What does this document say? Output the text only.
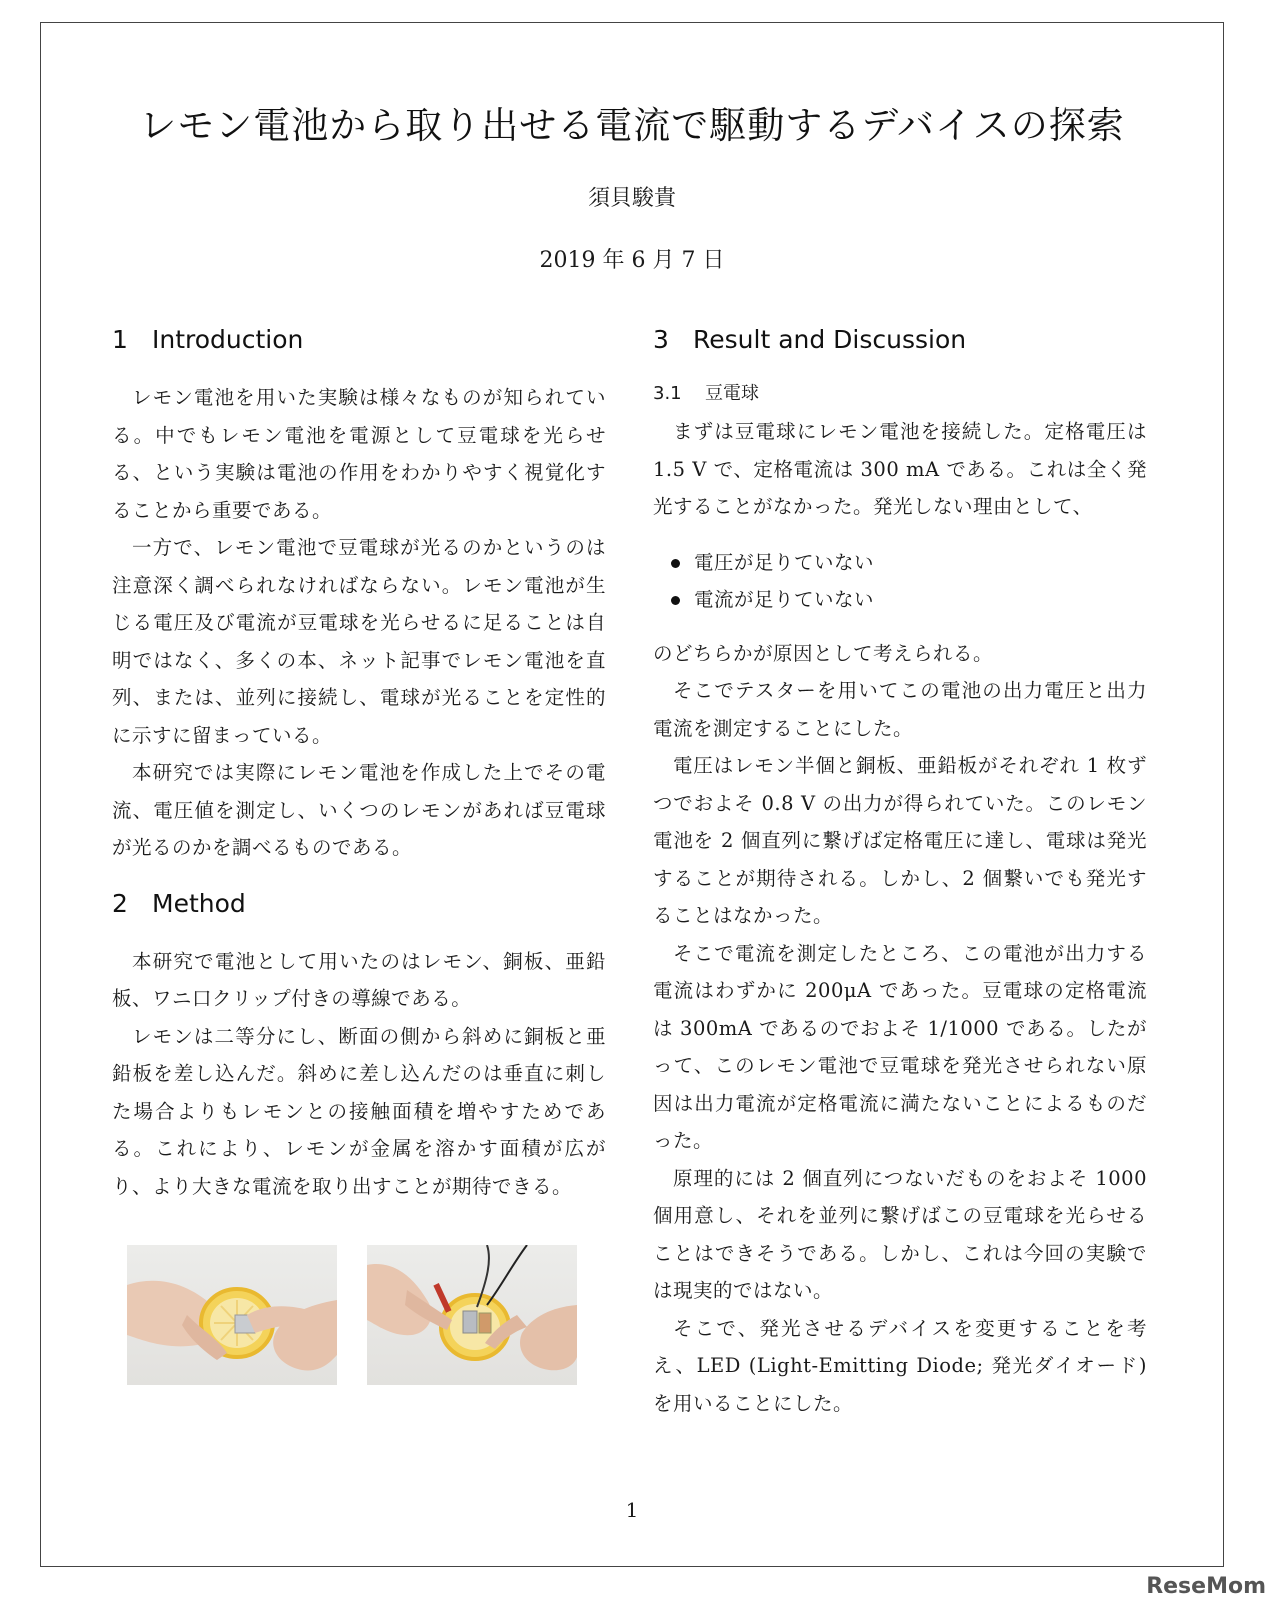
レモン電池から取り出せる電流で駆動するデバイスの探索
須貝駿貴
2019 年 6 月 7 日
1 Introduction

レモン電池を用いた実験は様々なものが知られている。中でもレモン電池を電源として豆電球を光らせる、という実験は電池の作用をわかりやすく視覚化することから重要である。

一方で、レモン電池で豆電球が光るのかというのは注意深く調べられなければならない。レモン電池が生じる電圧及び電流が豆電球を光らせるに足ることは自明ではなく、多くの本、ネット記事でレモン電池を直列、または、並列に接続し、電球が光ることを定性的に示すに留まっている。

本研究では実際にレモン電池を作成した上でその電流、電圧値を測定し、いくつのレモンがあれば豆電球が光るのかを調べるものである。

2 Method

本研究で電池として用いたのはレモン、銅板、亜鉛板、ワニ口クリップ付きの導線である。

レモンは二等分にし、断面の側から斜めに銅板と亜鉛板を差し込んだ。斜めに差し込んだのは垂直に刺した場合よりもレモンとの接触面積を増やすためである。これにより、レモンが金属を溶かす面積が広がり、より大きな電流を取り出すことが期待できる。

3 Result and Discussion
3.1 豆電球

まずは豆電球にレモン電池を接続した。定格電圧は 1.5 V で、定格電流は 300 mA である。これは全く発光することがなかった。発光しない理由として、

電圧が足りていない
電流が足りていない

のどちらかが原因として考えられる。

そこでテスターを用いてこの電池の出力電圧と出力電流を測定することにした。

電圧はレモン半個と銅板、亜鉛板がそれぞれ 1 枚ずつでおよそ 0.8 V の出力が得られていた。このレモン電池を 2 個直列に繋げば定格電圧に達し、電球は発光することが期待される。しかし、2 個繋いでも発光することはなかった。

そこで電流を測定したところ、この電池が出力する電流はわずかに 200μA であった。豆電球の定格電流は 300mA であるのでおよそ 1/1000 である。したがって、このレモン電池で豆電球を発光させられない原因は出力電流が定格電流に満たないことによるものだった。

原理的には 2 個直列につないだものをおよそ 1000 個用意し、それを並列に繋げばこの豆電球を光らせることはできそうである。しかし、これは今回の実験では現実的ではない。

そこで、発光させるデバイスを変更することを考え、LED (Light-Emitting Diode; 発光ダイオード) を用いることにした。

1
ReseMom
